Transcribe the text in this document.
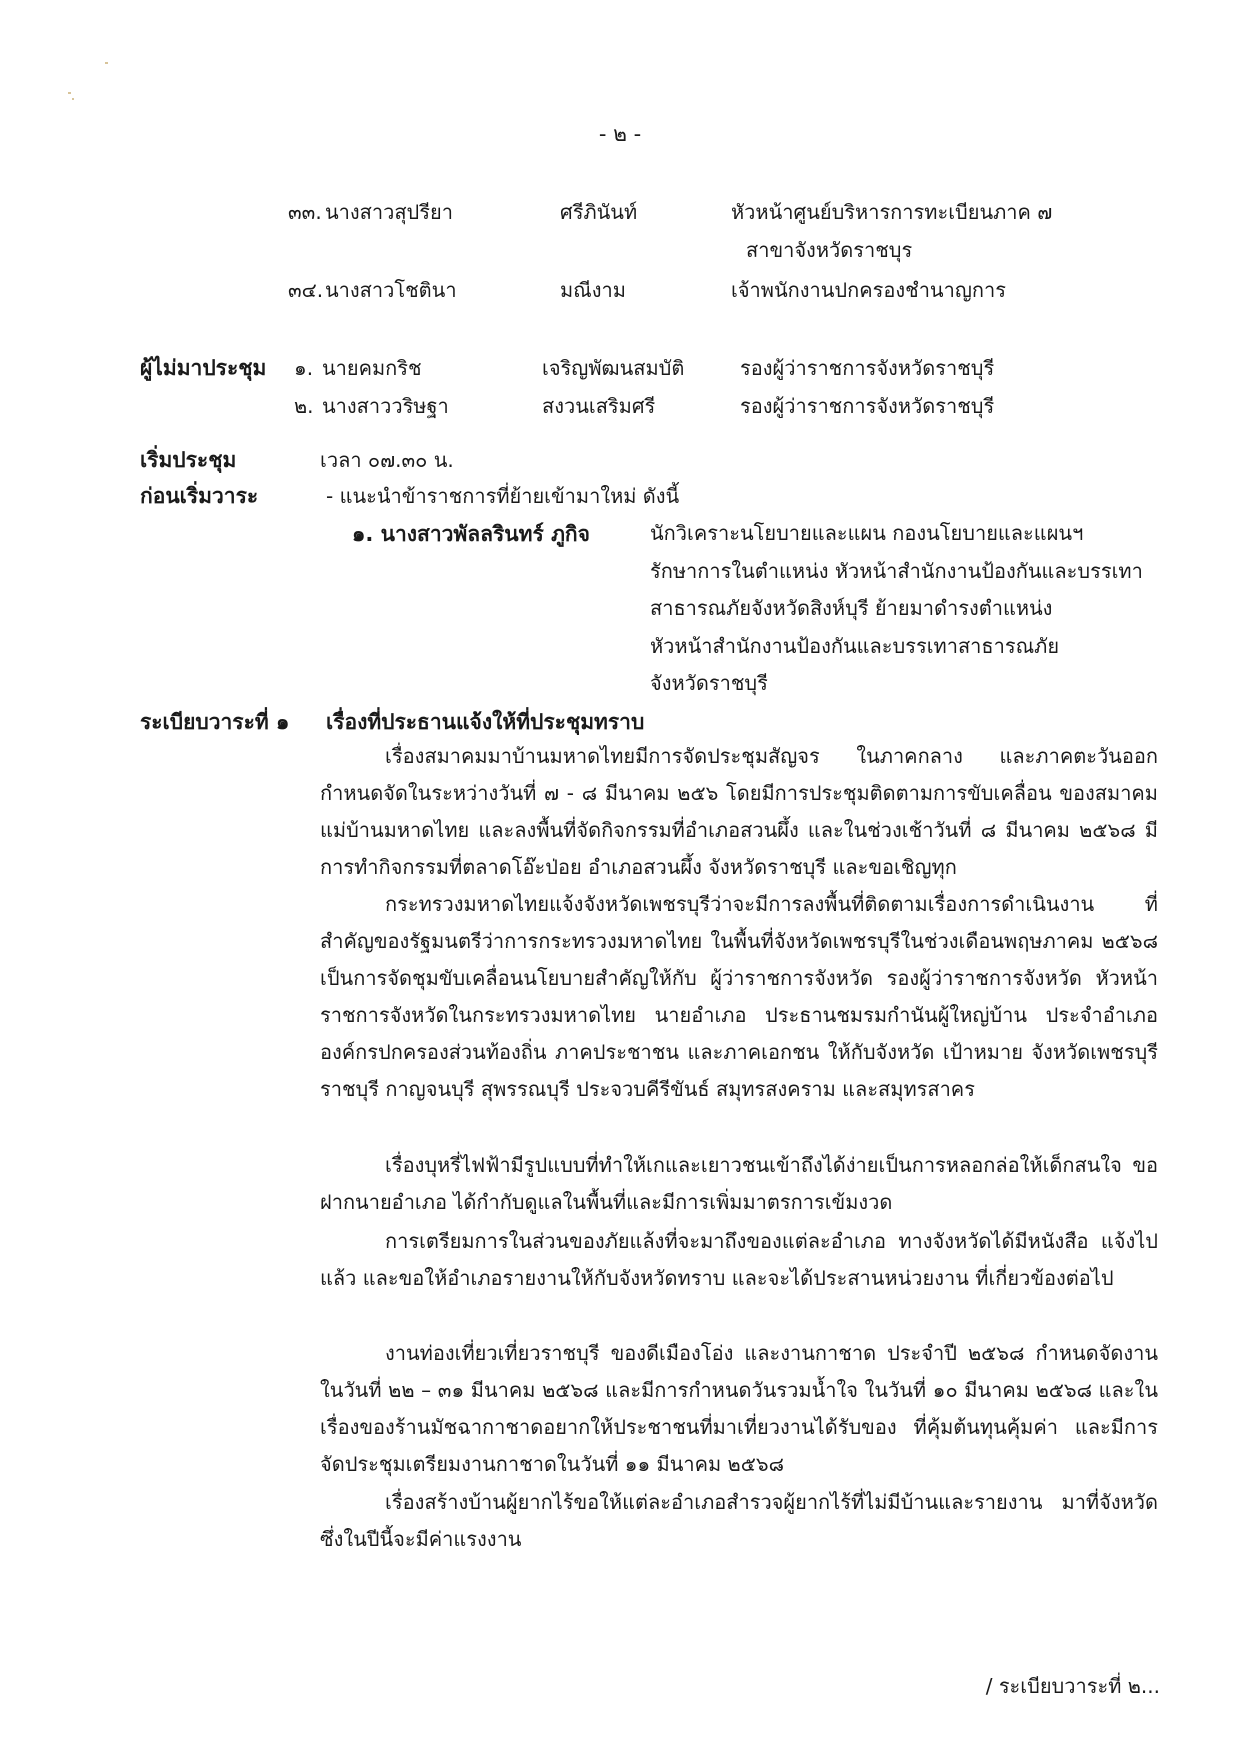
- ๒ -
๓๓. นางสาวสุปรียา	ศรีภินันท์	หัวหน้าศูนย์บริหารการทะเบียนภาค ๗
สาขาจังหวัดราชบุร
๓๔. นางสาวโชตินา	มณีงาม	เจ้าพนักงานปกครองชำนาญการ
ผู้ไม่มาประชุม ๑. นายคมกริช	เจริญพัฒนสมบัติ	รองผู้ว่าราชการจังหวัดราชบุรี
๒. นางสาววริษฐา	สงวนเสริมศรี	รองผู้ว่าราชการจังหวัดราชบุรี
เริ่มประชุม	เวลา ๐๗.๓๐ น.
ก่อนเริ่มวาระ	- แนะนำข้าราชการที่ย้ายเข้ามาใหม่ ดังนี้
๑. นางสาวพัลลรินทร์ ภูกิจ	นักวิเคราะนโยบายและแผน กองนโยบายและแผนฯ
รักษาการในตำแหน่ง หัวหน้าสำนักงานป้องกันและบรรเทา
สาธารณภัยจังหวัดสิงห์บุรี ย้ายมาดำรงตำแหน่ง
หัวหน้าสำนักงานป้องกันและบรรเทาสาธารณภัย
จังหวัดราชบุรี
ระเบียบวาระที่ ๑ เรื่องที่ประธานแจ้งให้ที่ประชุมทราบ
เรื่องสมาคมมาบ้านมหาดไทยมีการจัดประชุมสัญจร ในภาคกลาง และภาคตะวันออก กำหนดจัดในระหว่างวันที่ ๗ - ๘ มีนาคม ๒๕๖ โดยมีการประชุมติดตามการขับเคลื่อน ของสมาคมแม่บ้านมหาดไทย และลงพื้นที่จัดกิจกรรมที่อำเภอสวนผึ้ง และในช่วงเช้าวันที่ ๘ มีนาคม ๒๕๖๘ มีการทำกิจกรรมที่ตลาดโอ๊ะป่อย อำเภอสวนผึ้ง จังหวัดราชบุรี และขอเชิญทุก
กระทรวงมหาดไทยแจ้งจังหวัดเพชรบุรีว่าจะมีการลงพื้นที่ติดตามเรื่องการดำเนินงาน ที่สำคัญของรัฐมนตรีว่าการกระทรวงมหาดไทย ในพื้นที่จังหวัดเพชรบุรีในช่วงเดือนพฤษภาคม ๒๕๖๘ เป็นการจัดชุมขับเคลื่อนนโยบายสำคัญให้กับ ผู้ว่าราชการจังหวัด รองผู้ว่าราชการจังหวัด หัวหน้าราชการจังหวัดในกระทรวงมหาดไทย นายอำเภอ ประธานชมรมกำนันผู้ใหญ่บ้าน ประจำอำเภอ องค์กรปกครองส่วนท้องถิ่น ภาคประชาชน และภาคเอกชน ให้กับจังหวัด เป้าหมาย จังหวัดเพชรบุรี ราชบุรี กาญจนบุรี สุพรรณบุรี ประจวบคีรีขันธ์ สมุทรสงคราม และสมุทรสาคร
เรื่องบุหรี่ไฟฟ้ามีรูปแบบที่ทำให้เกและเยาวชนเข้าถึงได้ง่ายเป็นการหลอกล่อให้เด็กสนใจ ขอฝากนายอำเภอ ได้กำกับดูแลในพื้นที่และมีการเพิ่มมาตรการเข้มงวด
การเตรียมการในส่วนของภัยแล้งที่จะมาถึงของแต่ละอำเภอ ทางจังหวัดได้มีหนังสือ แจ้งไปแล้ว และขอให้อำเภอรายงานให้กับจังหวัดทราบ และจะได้ประสานหน่วยงาน ที่เกี่ยวข้องต่อไป
งานท่องเที่ยวเที่ยวราชบุรี ของดีเมืองโอ่ง และงานกาชาด ประจำปี ๒๕๖๘ กำหนดจัดงานในวันที่ ๒๒ – ๓๑ มีนาคม ๒๕๖๘ และมีการกำหนดวันรวมน้ำใจ ในวันที่ ๑๐ มีนาคม ๒๕๖๘ และในเรื่องของร้านมัชฉากาชาดอยากให้ประชาชนที่มาเที่ยวงานได้รับของ ที่คุ้มต้นทุนคุ้มค่า และมีการจัดประชุมเตรียมงานกาชาดในวันที่ ๑๑ มีนาคม ๒๕๖๘
เรื่องสร้างบ้านผู้ยากไร้ขอให้แต่ละอำเภอสำรวจผู้ยากไร้ที่ไม่มีบ้านและรายงาน มาที่จังหวัดซึ่งในปีนี้จะมีค่าแรงงาน
/ ระเบียบวาระที่ ๒...
